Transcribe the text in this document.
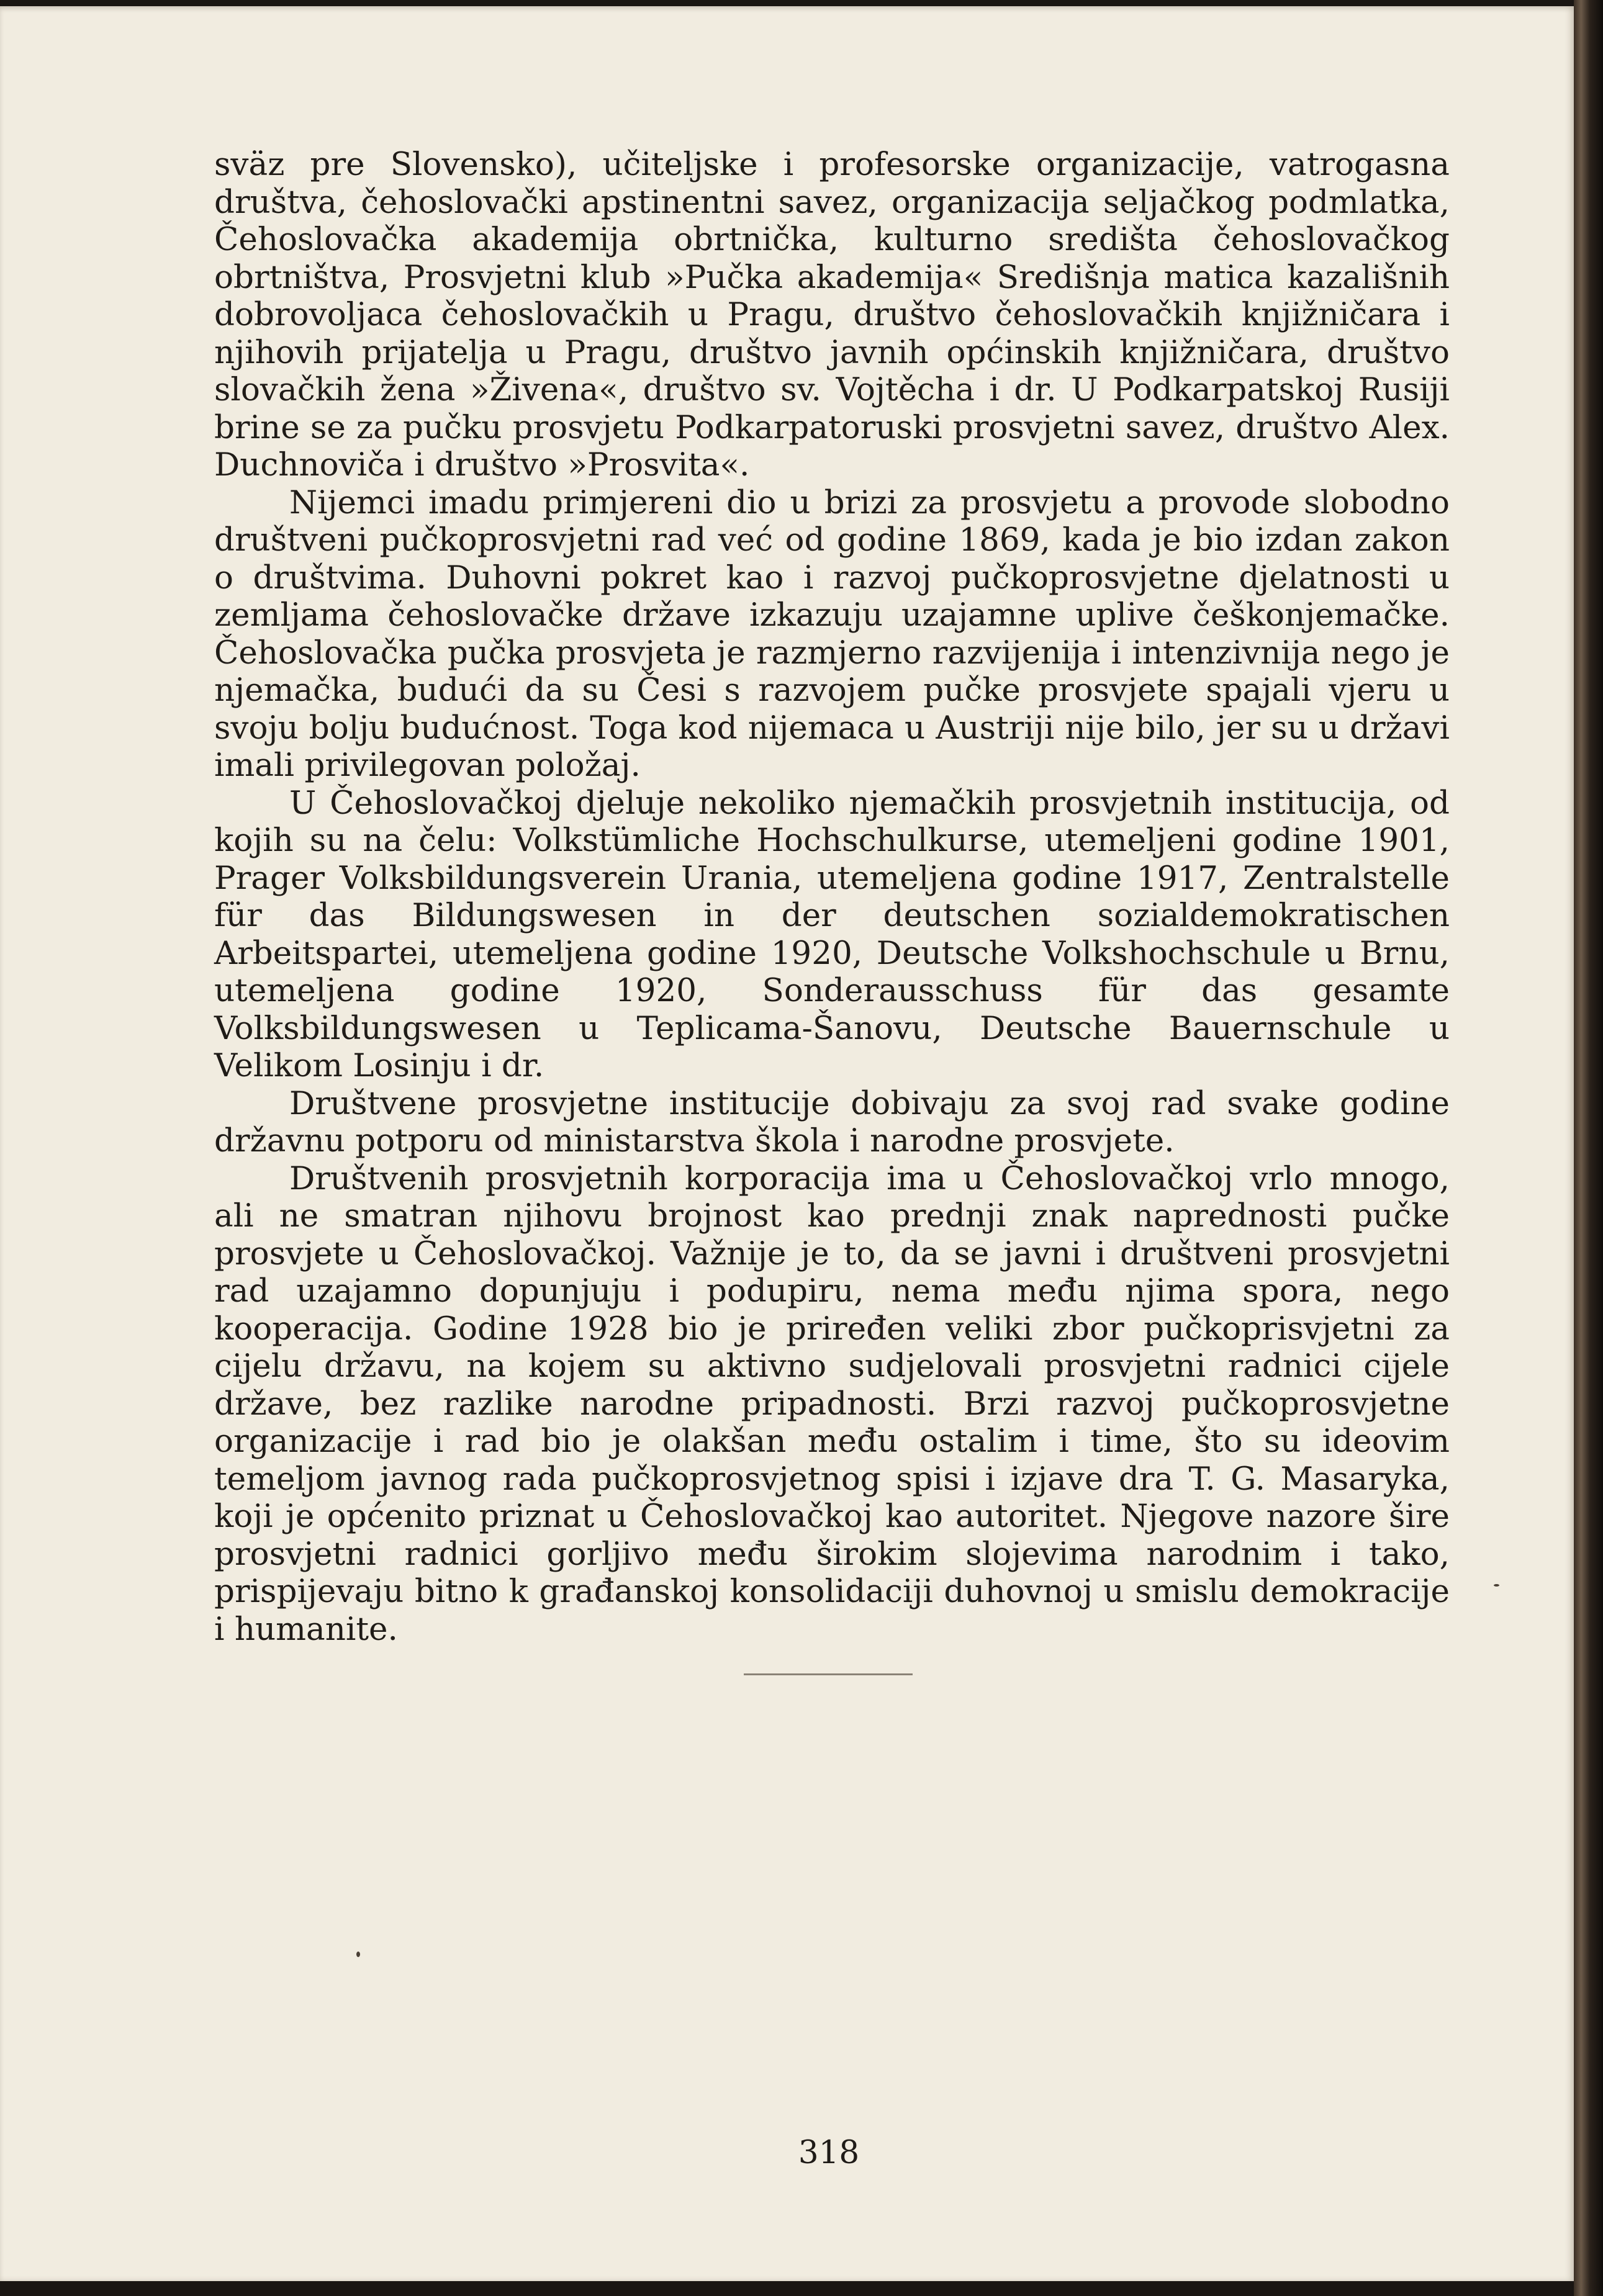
sväz pre Slovensko), učiteljske i profesorske organizacije, vatrogasna društva, čehoslovački apstinentni savez, organizacija seljačkog podmlatka, Čehoslovačka akademija obrtnička, kulturno središta čehoslovačkog obrtništva, Prosvjetni klub »Pučka akademija« Središnja matica kazališnih dobrovoljaca čehoslovačkih u Pragu, društvo čehoslovačkih knjižničara i njihovih prijatelja u Pragu, društvo javnih općinskih knjižničara, društvo slovačkih žena »Živena«, društvo sv. Vojtěcha i dr. U Podkarpatskoj Rusiji brine se za pučku prosvjetu Podkarpatoruski prosvjetni savez, društvo Alex. Duchnoviča i društvo »Prosvita«.

Nijemci imadu primjereni dio u brizi za prosvjetu a provode slobodno društveni pučkoprosvjetni rad već od godine 1869, kada je bio izdan zakon o društvima. Duhovni pokret kao i razvoj pučkoprosvjetne djelatnosti u zemljama čehoslovačke države izkazuju uzajamne uplive češkonjemačke. Čehoslovačka pučka prosvjeta je razmjerno razvijenija i intenzivnija nego je njemačka, budući da su Česi s razvojem pučke prosvjete spajali vjeru u svoju bolju budućnost. Toga kod nijemaca u Austriji nije bilo, jer su u državi imali privilegovan položaj.

U Čehoslovačkoj djeluje nekoliko njemačkih prosvjetnih institucija, od kojih su na čelu: Volkstümliche Hochschulkurse, utemeljeni godine 1901, Prager Volksbildungsverein Urania, utemeljena godine 1917, Zentralstelle für das Bildungswesen in der deutschen sozialdemokratischen Arbeitspartei, utemeljena godine 1920, Deutsche Volkshochschule u Brnu, utemeljena godine 1920, Sonderausschuss für das gesamte Volksbildungswesen u Teplicama-Šanovu, Deutsche Bauernschule u Velikom Losinju i dr.

Društvene prosvjetne institucije dobivaju za svoj rad svake godine državnu potporu od ministarstva škola i narodne prosvjete.

Društvenih prosvjetnih korporacija ima u Čehoslovačkoj vrlo mnogo, ali ne smatran njihovu brojnost kao prednji znak naprednosti pučke prosvjete u Čehoslovačkoj. Važnije je to, da se javni i društveni prosvjetni rad uzajamno dopunjuju i podupiru, nema među njima spora, nego kooperacija. Godine 1928 bio je priređen veliki zbor pučkoprisvjetni za cijelu državu, na kojem su aktivno sudjelovali prosvjetni radnici cijele države, bez razlike narodne pripadnosti. Brzi razvoj pučkoprosvjetne organizacije i rad bio je olakšan među ostalim i time, što su ideovim temeljom javnog rada pučkoprosvjetnog spisi i izjave dra T. G. Masaryka, koji je općenito priznat u Čehoslovačkoj kao autoritet. Njegove nazore šire prosvjetni radnici gorljivo među širokim slojevima narodnim i tako, prispijevaju bitno k građanskoj konsolidaciji duhovnoj u smislu demokracije i humanite.

318
